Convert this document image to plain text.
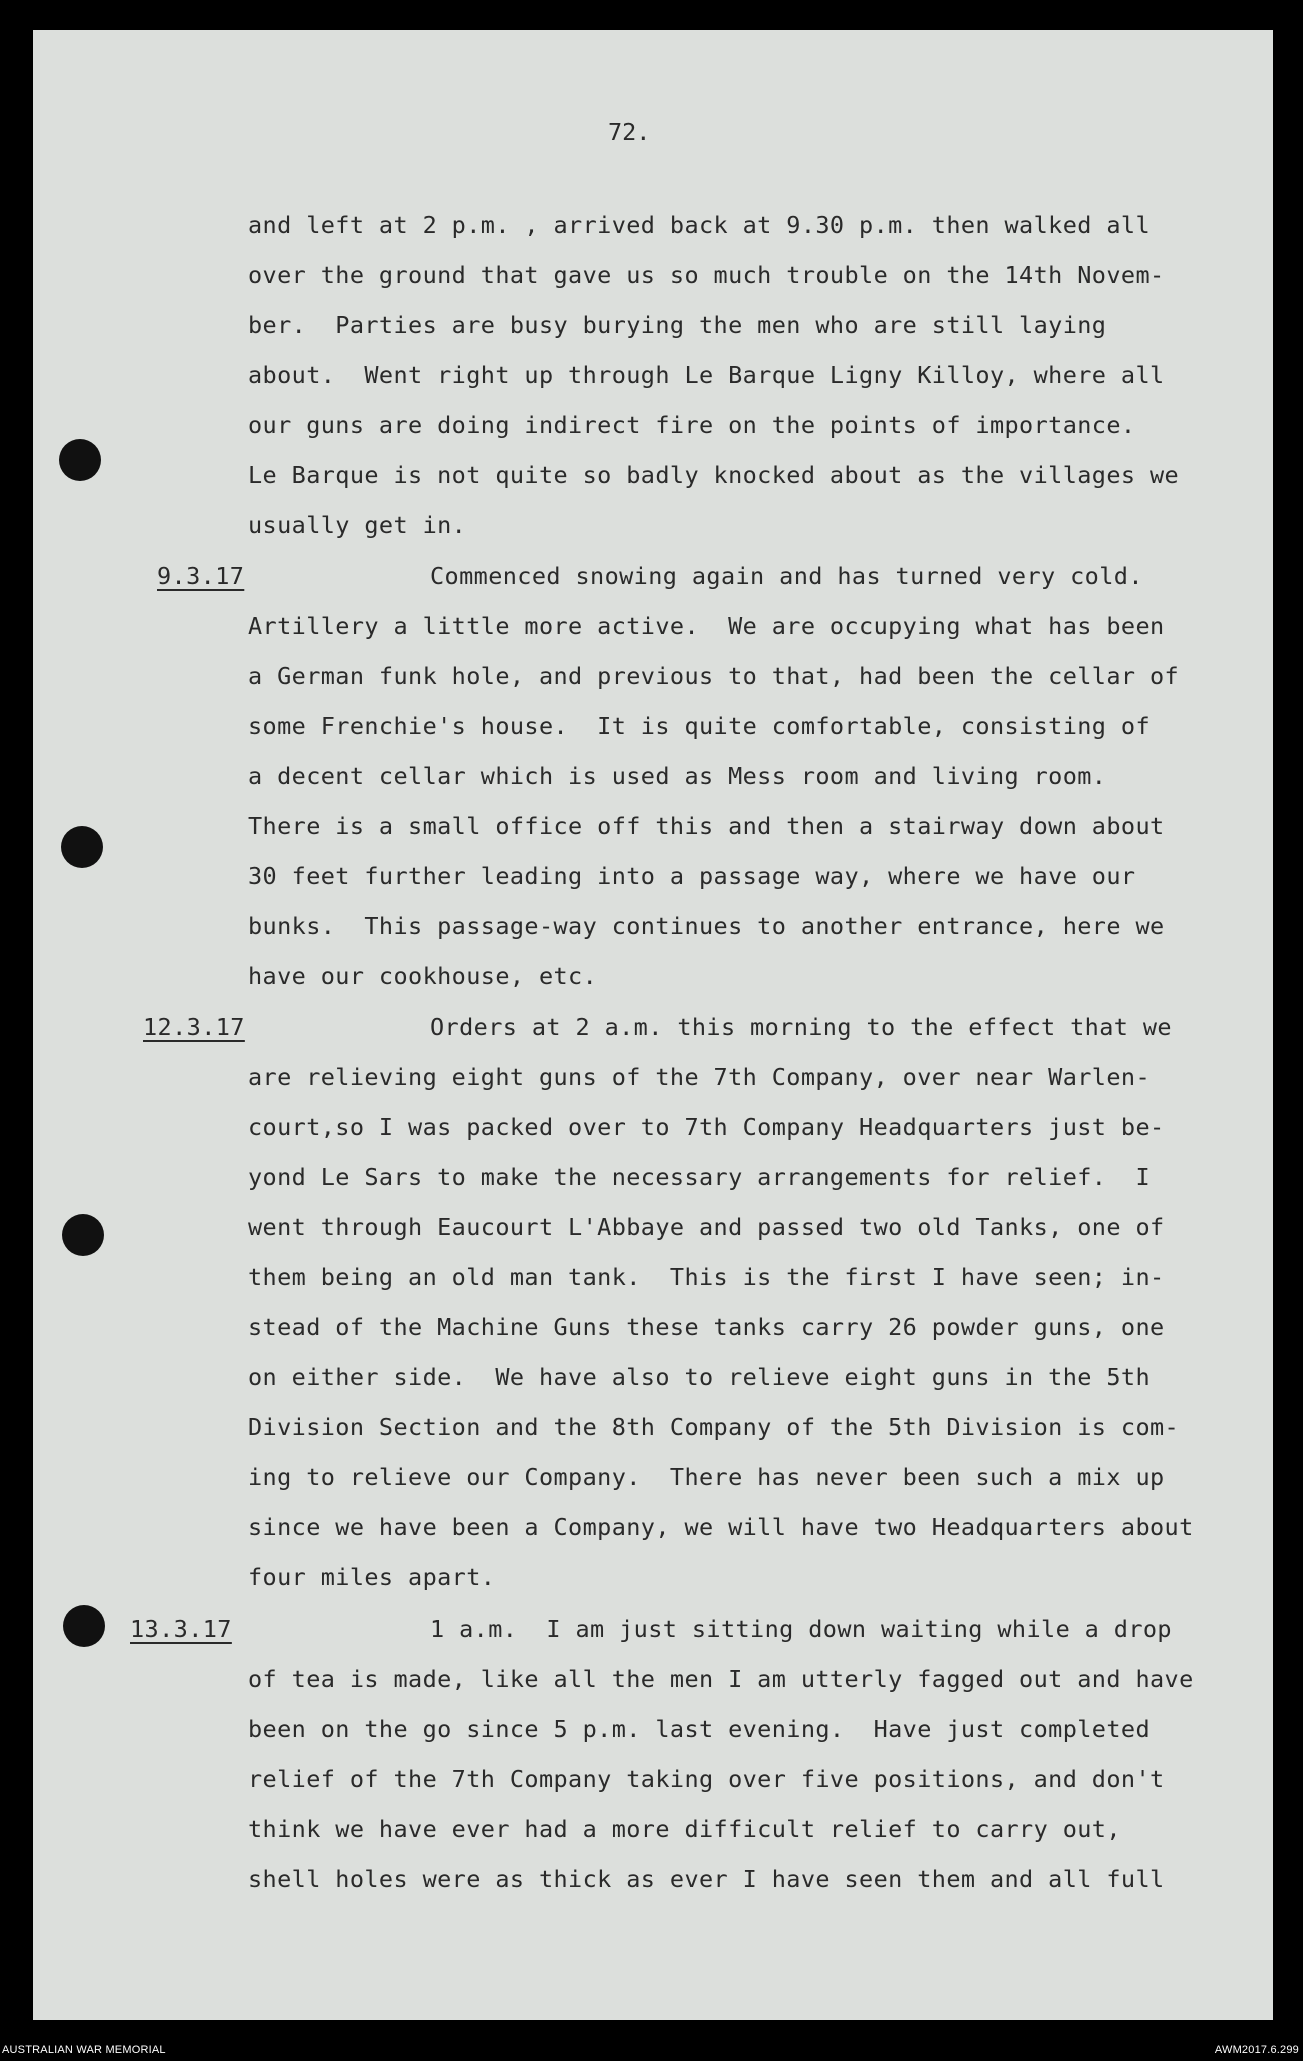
72.
and left at 2 p.m. , arrived back at 9.30 p.m. then walked all
over the ground that gave us so much trouble on the 14th Novem-
ber.  Parties are busy burying the men who are still laying
about.  Went right up through Le Barque Ligny Killoy, where all
our guns are doing indirect fire on the points of importance.
Le Barque is not quite so badly knocked about as the villages we
usually get in.
9.3.17	Commenced snowing again and has turned very cold.
Artillery a little more active.  We are occupying what has been
a German funk hole, and previous to that, had been the cellar of
some Frenchie's house.  It is quite comfortable, consisting of
a decent cellar which is used as Mess room and living room.
There is a small office off this and then a stairway down about
30 feet further leading into a passage way, where we have our
bunks.  This passage-way continues to another entrance, here we
have our cookhouse, etc.
12.3.17	Orders at 2 a.m. this morning to the effect that we
are relieving eight guns of the 7th Company, over near Warlen-
court,so I was packed over to 7th Company Headquarters just be-
yond Le Sars to make the necessary arrangements for relief.  I
went through Eaucourt L'Abbaye and passed two old Tanks, one of
them being an old man tank.  This is the first I have seen; in-
stead of the Machine Guns these tanks carry 26 powder guns, one
on either side.  We have also to relieve eight guns in the 5th
Division Section and the 8th Company of the 5th Division is com-
ing to relieve our Company.  There has never been such a mix up
since we have been a Company, we will have two Headquarters about
four miles apart.
13.3.17	1 a.m.  I am just sitting down waiting while a drop
of tea is made, like all the men I am utterly fagged out and have
been on the go since 5 p.m. last evening.  Have just completed
relief of the 7th Company taking over five positions, and don't
think we have ever had a more difficult relief to carry out,
shell holes were as thick as ever I have seen them and all full
AUSTRALIAN WAR MEMORIAL	AWM2017.6.299
